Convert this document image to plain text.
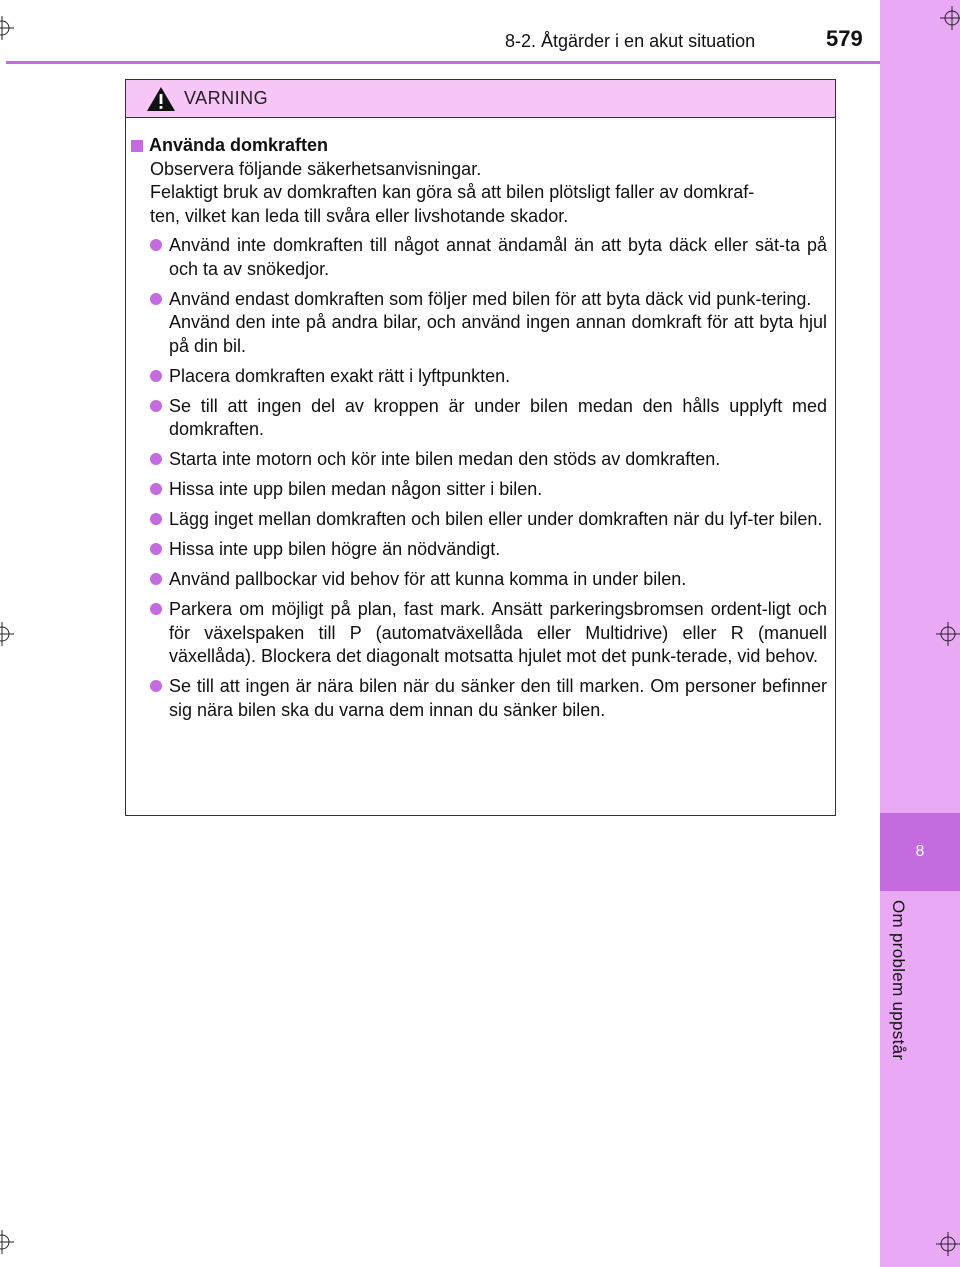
8
Om problem uppstår
8-2. Åtgärder i en akut situation	579
VARNING
Använda domkraften
Observera följande säkerhetsanvisningar.
Felaktigt bruk av domkraften kan göra så att bilen plötsligt faller av domkraf-
ten, vilket kan leda till svåra eller livshotande skador.
Använd inte domkraften till något annat ändamål än att byta däck eller sät-ta på och ta av snökedjor.
Använd endast domkraften som följer med bilen för att byta däck vid punk-tering.
Använd den inte på andra bilar, och använd ingen annan domkraft för att byta hjul på din bil.
Placera domkraften exakt rätt i lyftpunkten.
Se till att ingen del av kroppen är under bilen medan den hålls upplyft med domkraften.
Starta inte motorn och kör inte bilen medan den stöds av domkraften.
Hissa inte upp bilen medan någon sitter i bilen.
Lägg inget mellan domkraften och bilen eller under domkraften när du lyf-ter bilen.
Hissa inte upp bilen högre än nödvändigt.
Använd pallbockar vid behov för att kunna komma in under bilen.
Parkera om möjligt på plan, fast mark. Ansätt parkeringsbromsen ordent-ligt och för växelspaken till P (automatväxellåda eller Multidrive) eller R (manuell växellåda). Blockera det diagonalt motsatta hjulet mot det punk-terade, vid behov.
Se till att ingen är nära bilen när du sänker den till marken. Om personer befinner sig nära bilen ska du varna dem innan du sänker bilen.
